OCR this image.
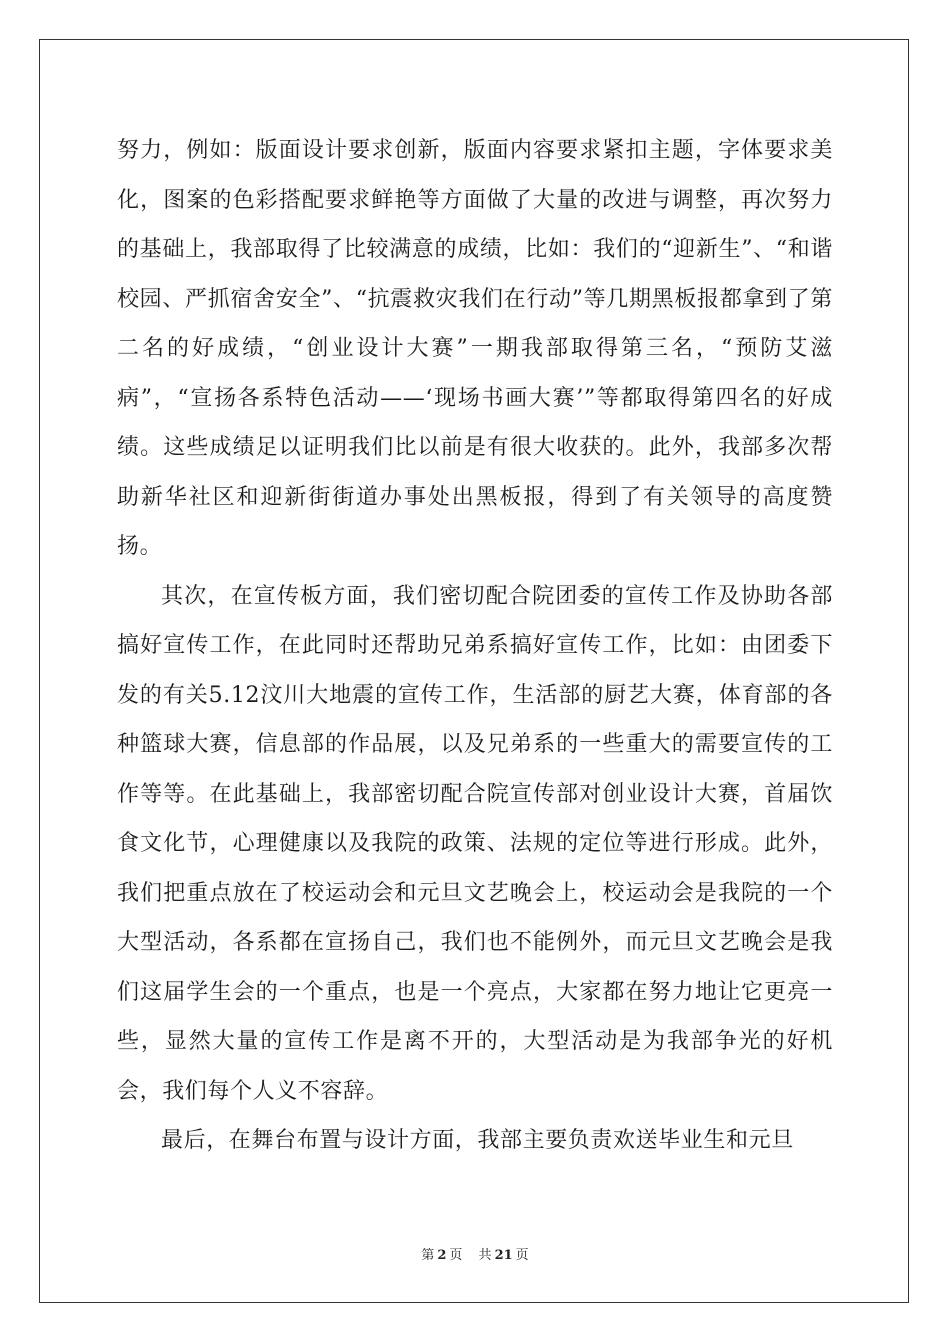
努力，例如：版面设计要求创新，版面内容要求紧扣主题，字体要求美化，图案的色彩搭配要求鲜艳等方面做了大量的改进与调整，再次努力的基础上，我部取得了比较满意的成绩，比如：我们的“迎新生”、“和谐校园、严抓宿舍安全”、“抗震救灾我们在行动”等几期黑板报都拿到了第二名的好成绩，“创业设计大赛”一期我部取得第三名，“预防艾滋病”，“宣扬各系特色活动——‘现场书画大赛’”等都取得第四名的好成绩。这些成绩足以证明我们比以前是有很大收获的。此外，我部多次帮助新华社区和迎新街街道办事处出黑板报，得到了有关领导的高度赞扬。

其次，在宣传板方面，我们密切配合院团委的宣传工作及协助各部搞好宣传工作，在此同时还帮助兄弟系搞好宣传工作，比如：由团委下发的有关5.12汶川大地震的宣传工作，生活部的厨艺大赛，体育部的各种篮球大赛，信息部的作品展，以及兄弟系的一些重大的需要宣传的工作等等。在此基础上，我部密切配合院宣传部对创业设计大赛，首届饮食文化节，心理健康以及我院的政策、法规的定位等进行形成。此外，我们把重点放在了校运动会和元旦文艺晚会上，校运动会是我院的一个大型活动，各系都在宣扬自己，我们也不能例外，而元旦文艺晚会是我们这届学生会的一个重点，也是一个亮点，大家都在努力地让它更亮一些，显然大量的宣传工作是离不开的，大型活动是为我部争光的好机会，我们每个人义不容辞。

最后，在舞台布置与设计方面，我部主要负责欢送毕业生和元旦

第 2 页 共 21 页
